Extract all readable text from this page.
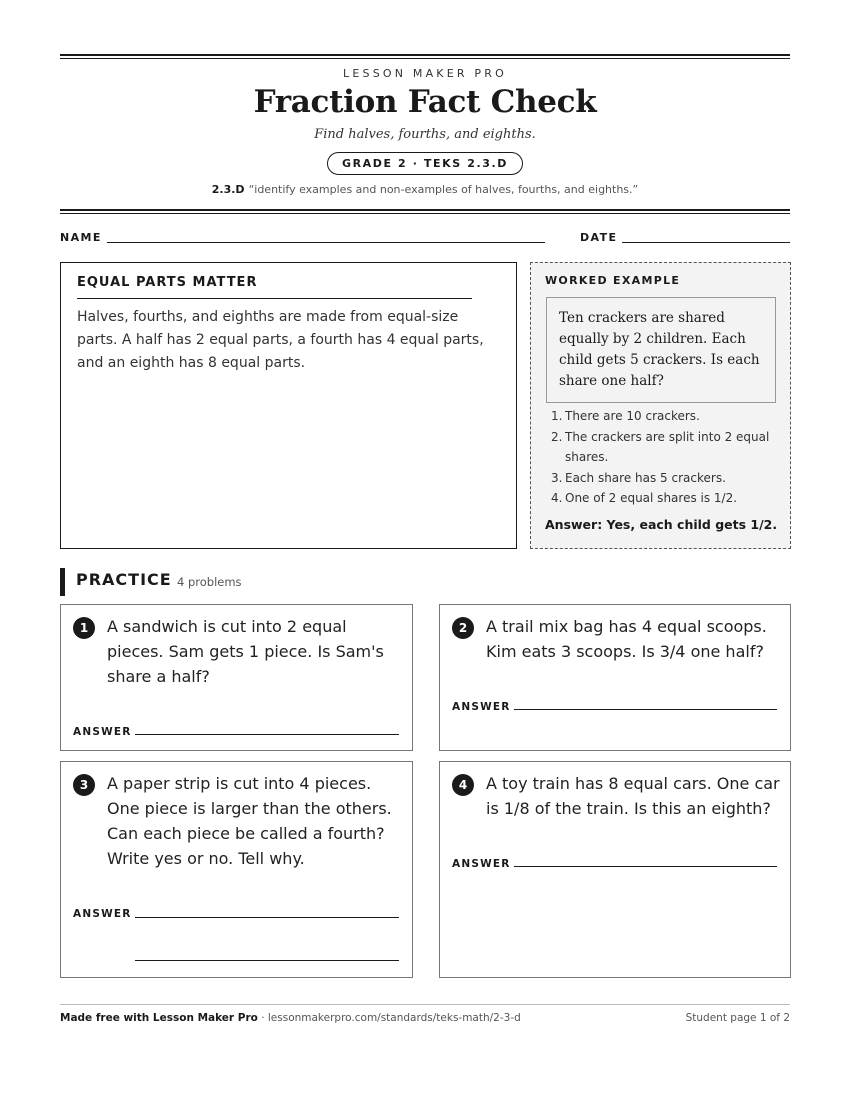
LESSON MAKER PRO
Fraction Fact Check
Find halves, fourths, and eighths.
GRADE 2 · TEKS 2.3.D
2.3.D “identify examples and non-examples of halves, fourths, and eighths.”
NAME	DATE
EQUAL PARTS MATTER
Halves, fourths, and eighths are made from equal-size parts. A half has 2 equal parts, a fourth has 4 equal parts, and an eighth has 8 equal parts.
WORKED EXAMPLE
Ten crackers are shared equally by 2 children. Each child gets 5 crackers. Is each share one half?
1. There are 10 crackers.
2. The crackers are split into 2 equal shares.
3. Each share has 5 crackers.
4. One of 2 equal shares is 1/2.
Answer: Yes, each child gets 1/2.
PRACTICE 4 problems
1	A sandwich is cut into 2 equal pieces. Sam gets 1 piece. Is Sam's share a half?
ANSWER
2	A trail mix bag has 4 equal scoops. Kim eats 3 scoops. Is 3/4 one half?
ANSWER
3	A paper strip is cut into 4 pieces. One piece is larger than the others. Can each piece be called a fourth? Write yes or no. Tell why.
ANSWER
4	A toy train has 8 equal cars. One car is 1/8 of the train. Is this an eighth?
ANSWER
Made free with Lesson Maker Pro · lessonmakerpro.com/standards/teks-math/2-3-d	Student page 1 of 2
